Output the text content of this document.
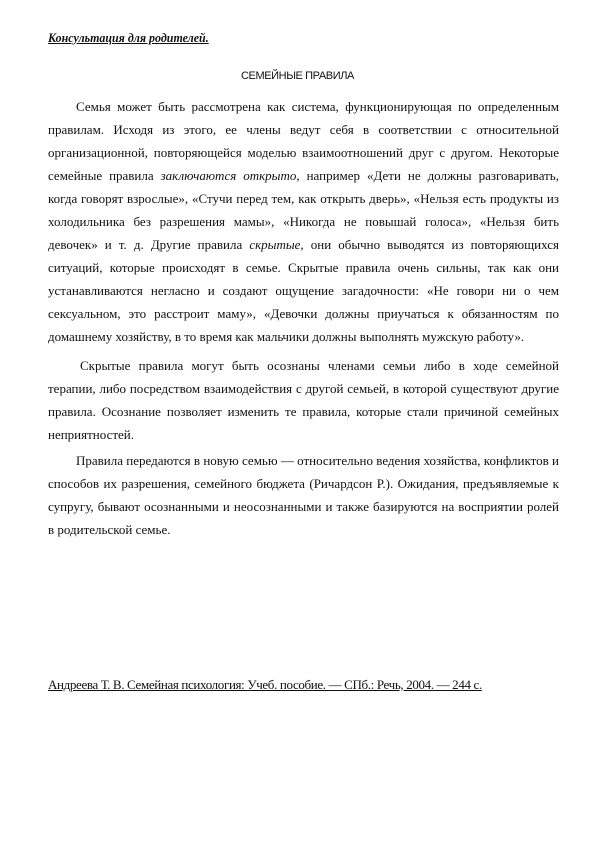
Консультация для родителей.
СЕМЕЙНЫЕ ПРАВИЛА

Семья может быть рассмотрена как система, функционирующая по определенным правилам. Исходя из этого, ее члены ведут себя в соответствии с относительной организационной, повторяющейся моделью взаимоотношений друг с другом. Некоторые семейные правила заключаются открыто, например «Дети не должны разговаривать, когда говорят взрослые», «Стучи перед тем, как открыть дверь», «Нельзя есть продукты из холодильника без разрешения мамы», «Никогда не повышай голоса», «Нельзя бить девочек» и т. д. Другие правила скрытые, они обычно выводятся из повторяющихся ситуаций, которые происходят в семье. Скрытые правила очень сильны, так как они устанавливаются негласно и создают ощущение загадочности: «Не говори ни о чем сексуальном, это расстроит маму», «Девочки должны приучаться к обязанностям по домашнему хозяйству, в то время как мальчики должны выполнять мужскую работу».

Скрытые правила могут быть осознаны членами семьи либо в ходе семейной терапии, либо посредством взаимодействия с другой семьей, в которой существуют другие правила. Осознание позволяет изменить те правила, которые стали причиной семейных неприятностей.

Правила передаются в новую семью — относительно ведения хозяйства, конфликтов и способов их разрешения, семейного бюджета (Ричардсон Р.). Ожидания, предъявляемые к супругу, бывают осознанными и неосознанными и также базируются на восприятии ролей в родительской семье.

Андреева Т. В. Семейная психология: Учеб. пособие. — СПб.: Речь, 2004. — 244 с.
